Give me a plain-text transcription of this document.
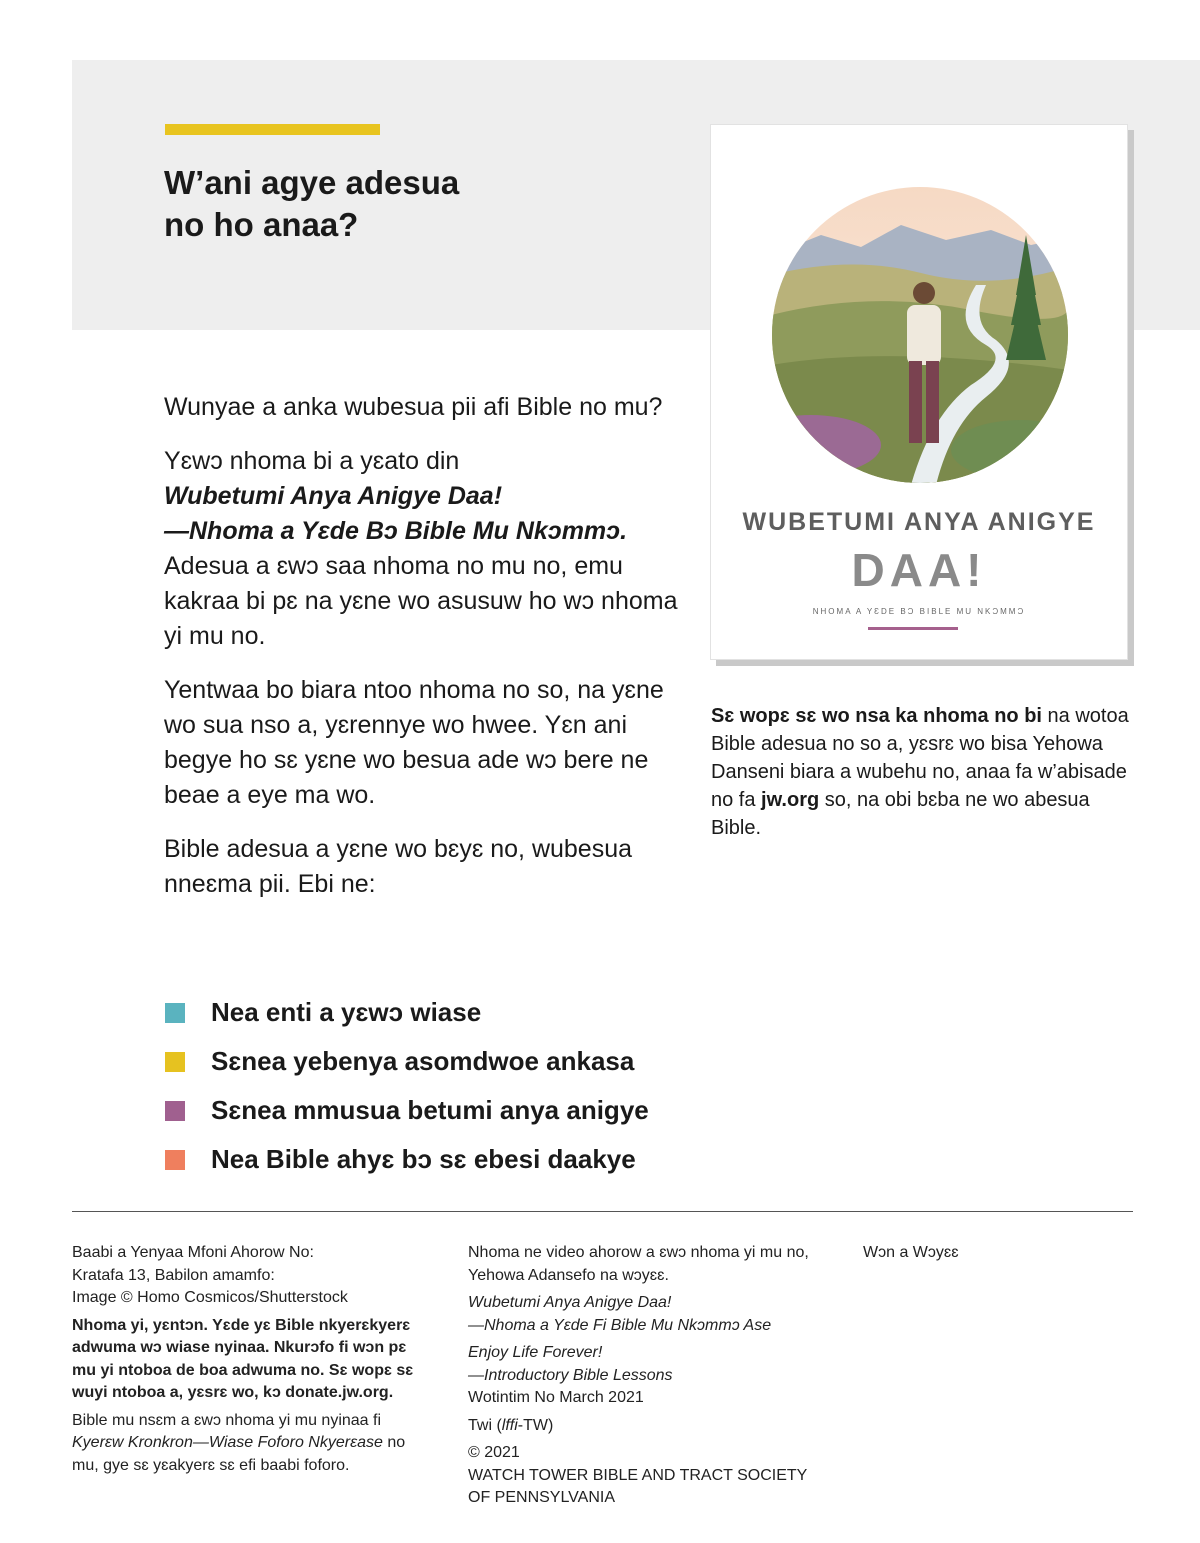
W’ani agye adesua
no ho anaa?

Wunyae a anka wubesua pii afi Bible no mu?

Yɛwɔ nhoma bi a yɛato din
Wubetumi Anya Anigye Daa!
—Nhoma a Yɛde Bɔ Bible Mu Nkɔmmɔ.
Adesua a ɛwɔ saa nhoma no mu no, emu kakraa bi pɛ na yɛne wo asusuw ho wɔ nhoma yi mu no.

Yentwaa bo biara ntoo nhoma no so, na yɛne wo sua nso a, yɛrennye wo hwee. Yɛn ani begye ho sɛ yɛne wo besua ade wɔ bere ne beae a eye ma wo.

Bible adesua a yɛne wo bɛyɛ no, wubesua nneɛma pii. Ebi ne:

Nea enti a yɛwɔ wiase
Sɛnea yebenya asomdwoe ankasa
Sɛnea mmusua betumi anya anigye
Nea Bible ahyɛ bɔ sɛ ebesi daakye
WUBETUMI ANYA ANIGYE
DAA!
NHOMA A YƐDE BƆ BIBLE MU NKƆMMƆ

Sɛ wopɛ sɛ wo nsa ka nhoma no bi na wotoa Bible adesua no so a, yɛsrɛ wo bisa Yehowa Danseni biara a wubehu no, anaa fa w’abisade no fa jw.org so, na obi bɛba ne wo abesua Bible.

Baabi a Yenyaa Mfoni Ahorow No:
Kratafa 13, Babilon amamfo:
Image © Homo Cosmicos/Shutterstock

Nhoma yi, yɛntɔn. Yɛde yɛ Bible nkyerɛkyerɛ adwuma wɔ wiase nyinaa. Nkurɔfo fi wɔn pɛ mu yi ntoboa de boa adwuma no. Sɛ wopɛ sɛ wuyi ntoboa a, yɛsrɛ wo, kɔ donate.jw.org.

Bible mu nsɛm a ɛwɔ nhoma yi mu nyinaa fi Kyerɛw Kronkron—Wiase Foforo Nkyerɛase no mu, gye sɛ yɛakyerɛ sɛ efi baabi foforo.

Nhoma ne video ahorow a ɛwɔ nhoma yi mu no, Yehowa Adansefo na wɔyɛɛ.

Wubetumi Anya Anigye Daa!
—Nhoma a Yɛde Fi Bible Mu Nkɔmmɔ Ase

Enjoy Life Forever!
—Introductory Bible Lessons
Wotintim No March 2021

Twi (lffi-TW)

© 2021
WATCH TOWER BIBLE AND TRACT SOCIETY
OF PENNSYLVANIA

Wɔn a Wɔyɛɛ
